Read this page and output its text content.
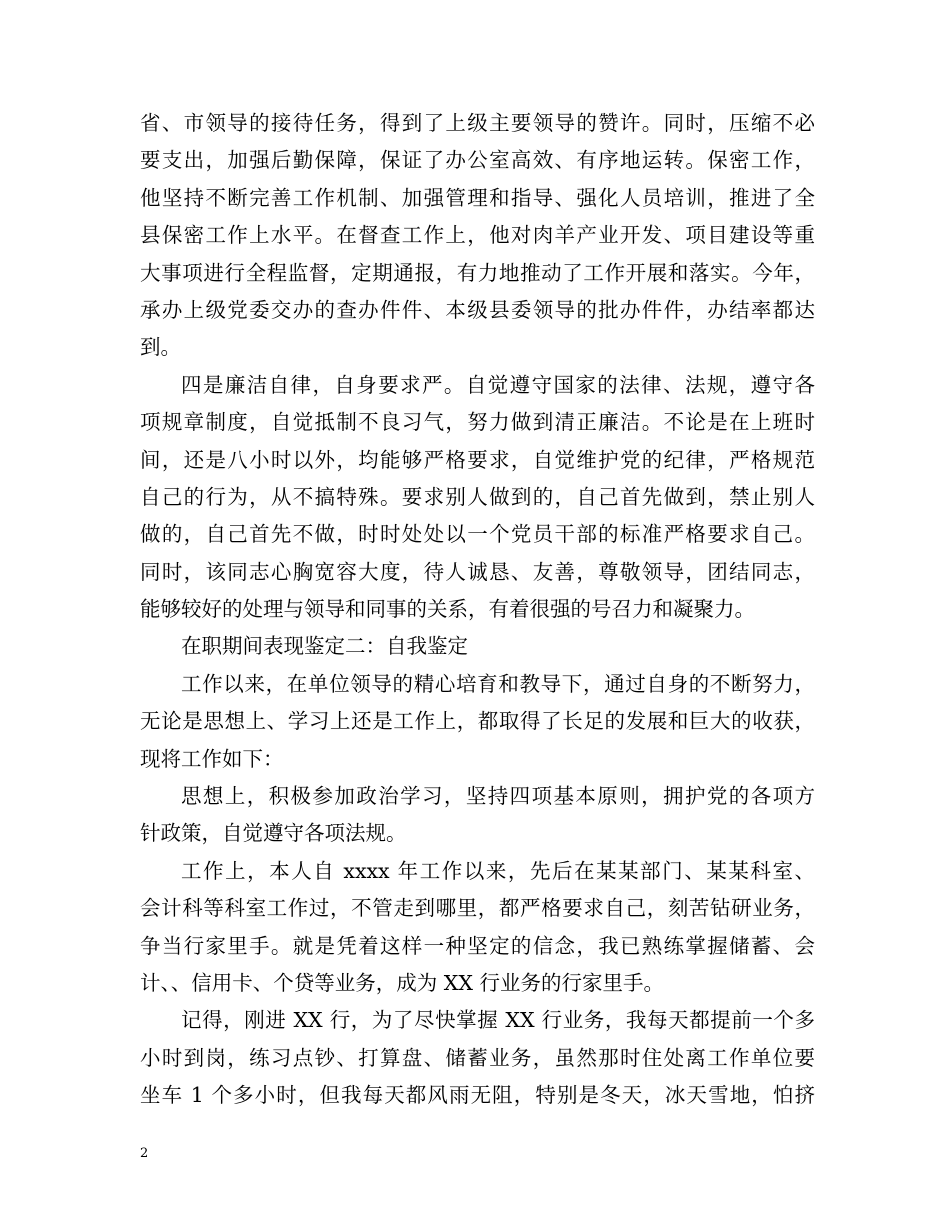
省、市领导的接待任务，得到了上级主要领导的赞许。同时，压缩不必
要支出，加强后勤保障，保证了办公室高效、有序地运转。保密工作，
他坚持不断完善工作机制、加强管理和指导、强化人员培训，推进了全
县保密工作上水平。在督查工作上，他对肉羊产业开发、项目建设等重
大事项进行全程监督，定期通报，有力地推动了工作开展和落实。今年，
承办上级党委交办的查办件件、本级县委领导的批办件件，办结率都达
到。
四是廉洁自律，自身要求严。自觉遵守国家的法律、法规，遵守各
项规章制度，自觉抵制不良习气，努力做到清正廉洁。不论是在上班时
间，还是八小时以外，均能够严格要求，自觉维护党的纪律，严格规范
自己的行为，从不搞特殊。要求别人做到的，自己首先做到，禁止别人
做的，自己首先不做，时时处处以一个党员干部的标准严格要求自己。
同时，该同志心胸宽容大度，待人诚恳、友善，尊敬领导，团结同志，
能够较好的处理与领导和同事的关系，有着很强的号召力和凝聚力。
在职期间表现鉴定二：自我鉴定
工作以来，在单位领导的精心培育和教导下，通过自身的不断努力，
无论是思想上、学习上还是工作上，都取得了长足的发展和巨大的收获，
现将工作如下：
思想上，积极参加政治学习，坚持四项基本原则，拥护党的各项方
针政策，自觉遵守各项法规。
工作上，本人自 xxxx 年工作以来，先后在某某部门、某某科室、
会计科等科室工作过，不管走到哪里，都严格要求自己，刻苦钻研业务，
争当行家里手。就是凭着这样一种坚定的信念，我已熟练掌握储蓄、会
计、、信用卡、个贷等业务，成为 XX 行业务的行家里手。
记得，刚进 XX 行，为了尽快掌握 XX 行业务，我每天都提前一个多
小时到岗，练习点钞、打算盘、储蓄业务，虽然那时住处离工作单位要
坐车 1 个多小时，但我每天都风雨无阻，特别是冬天，冰天雪地，怕挤
2
